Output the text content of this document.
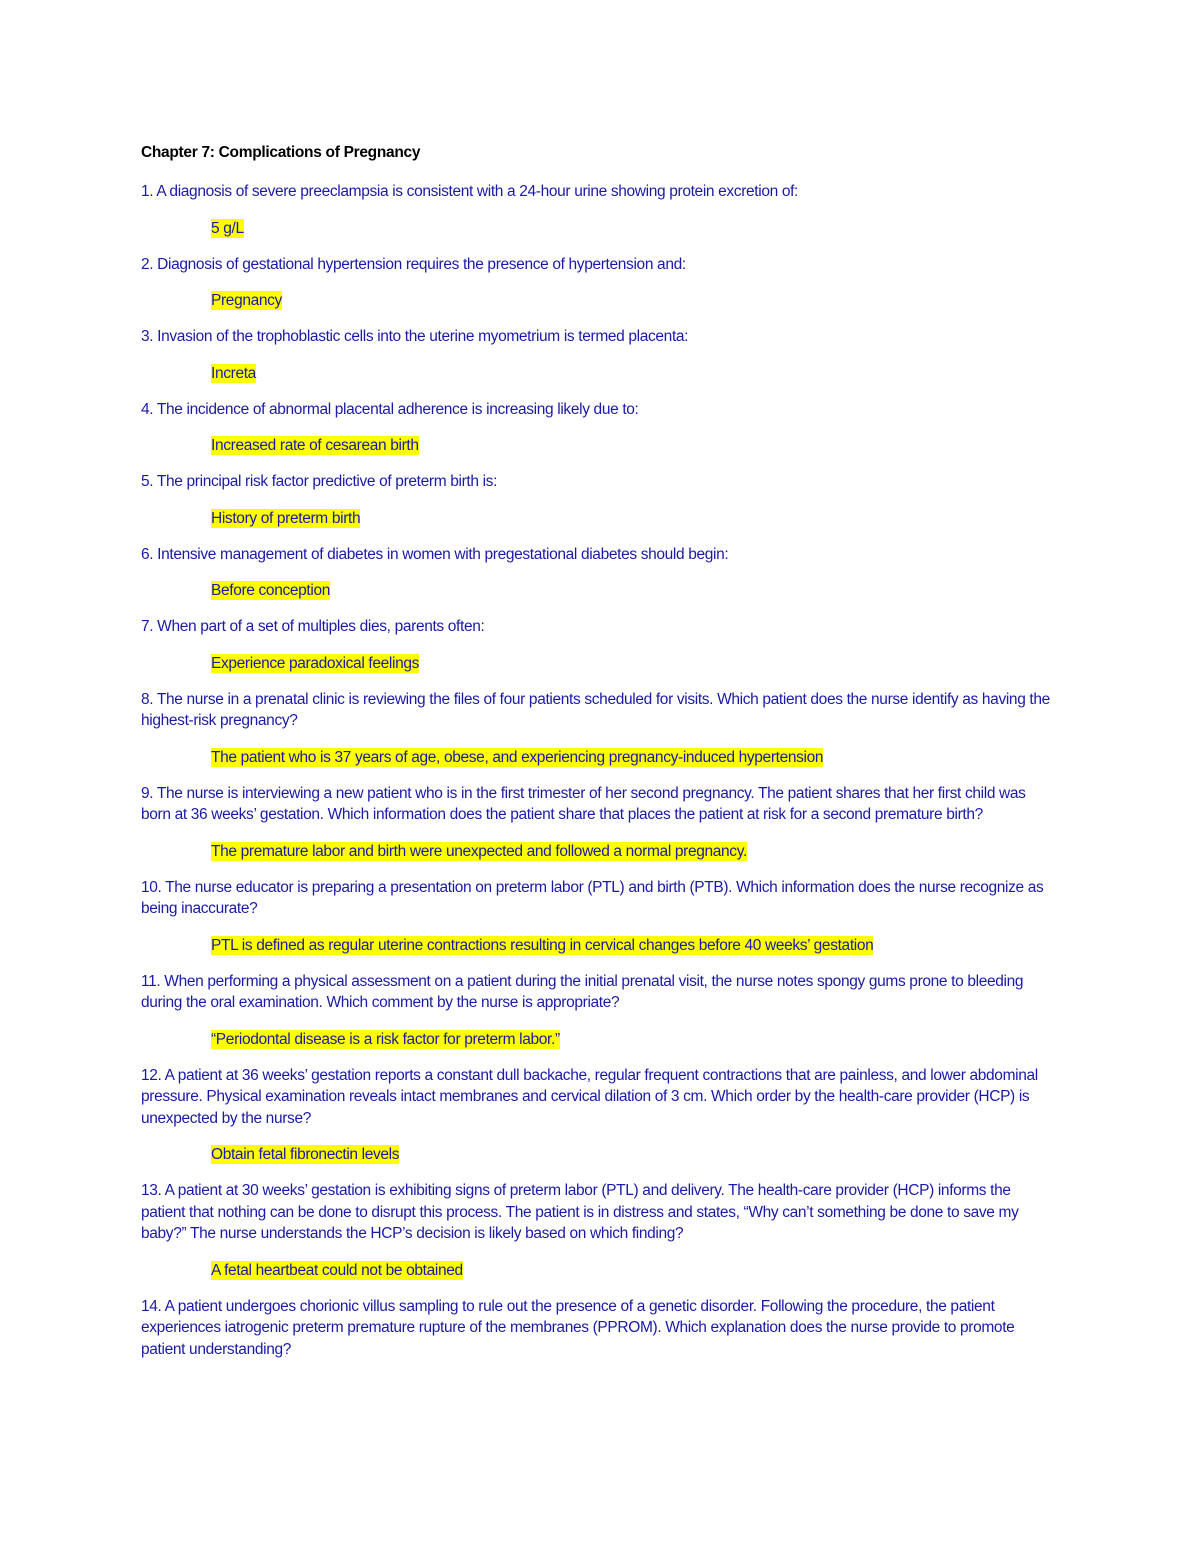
Chapter 7: Complications of Pregnancy
1. A diagnosis of severe preeclampsia is consistent with a 24-hour urine showing protein excretion of:
5 g/L
2. Diagnosis of gestational hypertension requires the presence of hypertension and:
Pregnancy
3. Invasion of the trophoblastic cells into the uterine myometrium is termed placenta:
Increta
4. The incidence of abnormal placental adherence is increasing likely due to:
Increased rate of cesarean birth
5. The principal risk factor predictive of preterm birth is:
History of preterm birth
6. Intensive management of diabetes in women with pregestational diabetes should begin:
Before conception
7. When part of a set of multiples dies, parents often:
Experience paradoxical feelings
8. The nurse in a prenatal clinic is reviewing the files of four patients scheduled for visits. Which patient does the nurse identify as having the highest-risk pregnancy?
The patient who is 37 years of age, obese, and experiencing pregnancy-induced hypertension
9. The nurse is interviewing a new patient who is in the first trimester of her second pregnancy. The patient shares that her first child was born at 36 weeks’ gestation. Which information does the patient share that places the patient at risk for a second premature birth?
The premature labor and birth were unexpected and followed a normal pregnancy.
10. The nurse educator is preparing a presentation on preterm labor (PTL) and birth (PTB). Which information does the nurse recognize as being inaccurate?
PTL is defined as regular uterine contractions resulting in cervical changes before 40 weeks’ gestation
11. When performing a physical assessment on a patient during the initial prenatal visit, the nurse notes spongy gums prone to bleeding during the oral examination. Which comment by the nurse is appropriate?
“Periodontal disease is a risk factor for preterm labor.”
12. A patient at 36 weeks’ gestation reports a constant dull backache, regular frequent contractions that are painless, and lower abdominal pressure. Physical examination reveals intact membranes and cervical dilation of 3 cm. Which order by the health-care provider (HCP) is unexpected by the nurse?
Obtain fetal fibronectin levels
13. A patient at 30 weeks’ gestation is exhibiting signs of preterm labor (PTL) and delivery. The health-care provider (HCP) informs the patient that nothing can be done to disrupt this process. The patient is in distress and states, “Why can’t something be done to save my baby?” The nurse understands the HCP’s decision is likely based on which finding?
A fetal heartbeat could not be obtained
14. A patient undergoes chorionic villus sampling to rule out the presence of a genetic disorder. Following the procedure, the patient experiences iatrogenic preterm premature rupture of the membranes (PPROM). Which explanation does the nurse provide to promote patient understanding?
